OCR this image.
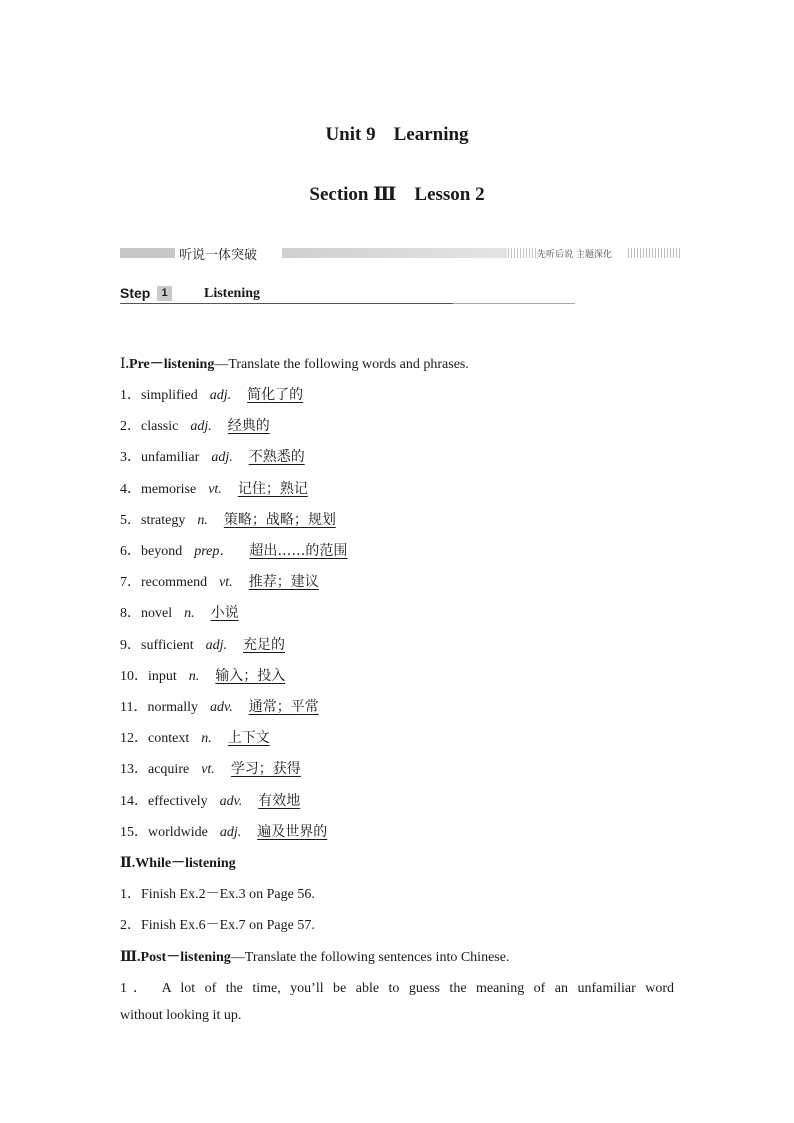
Unit 9 Learning
Section Ⅲ Lesson 2
听说一体突破	先听后说 主题深化
Step	1	Listening
Ⅰ.Pre－listening—Translate the following words and phrases.
1．simplified adj. 简化了的
2．classic adj. 经典的
3．unfamiliar adj. 不熟悉的
4．memorise vt. 记住；熟记
5．strategy n. 策略；战略；规划
6．beyond prep． 超出……的范围
7．recommend vt. 推荐；建议
8．novel n. 小说
9．sufficient adj. 充足的
10．input n. 输入；投入
11．normally adv. 通常；平常
12．context n. 上下文
13．acquire vt. 学习；获得
14．effectively adv. 有效地
15．worldwide adj. 遍及世界的
Ⅱ.While－listening
1．Finish Ex.2－Ex.3 on Page 56.
2．Finish Ex.6－Ex.7 on Page 57.
Ⅲ.Post－listening—Translate the following sentences into Chinese.
1． A lot of the time, you’ll be able to guess the meaning of an unfamiliar word
without looking it up.
